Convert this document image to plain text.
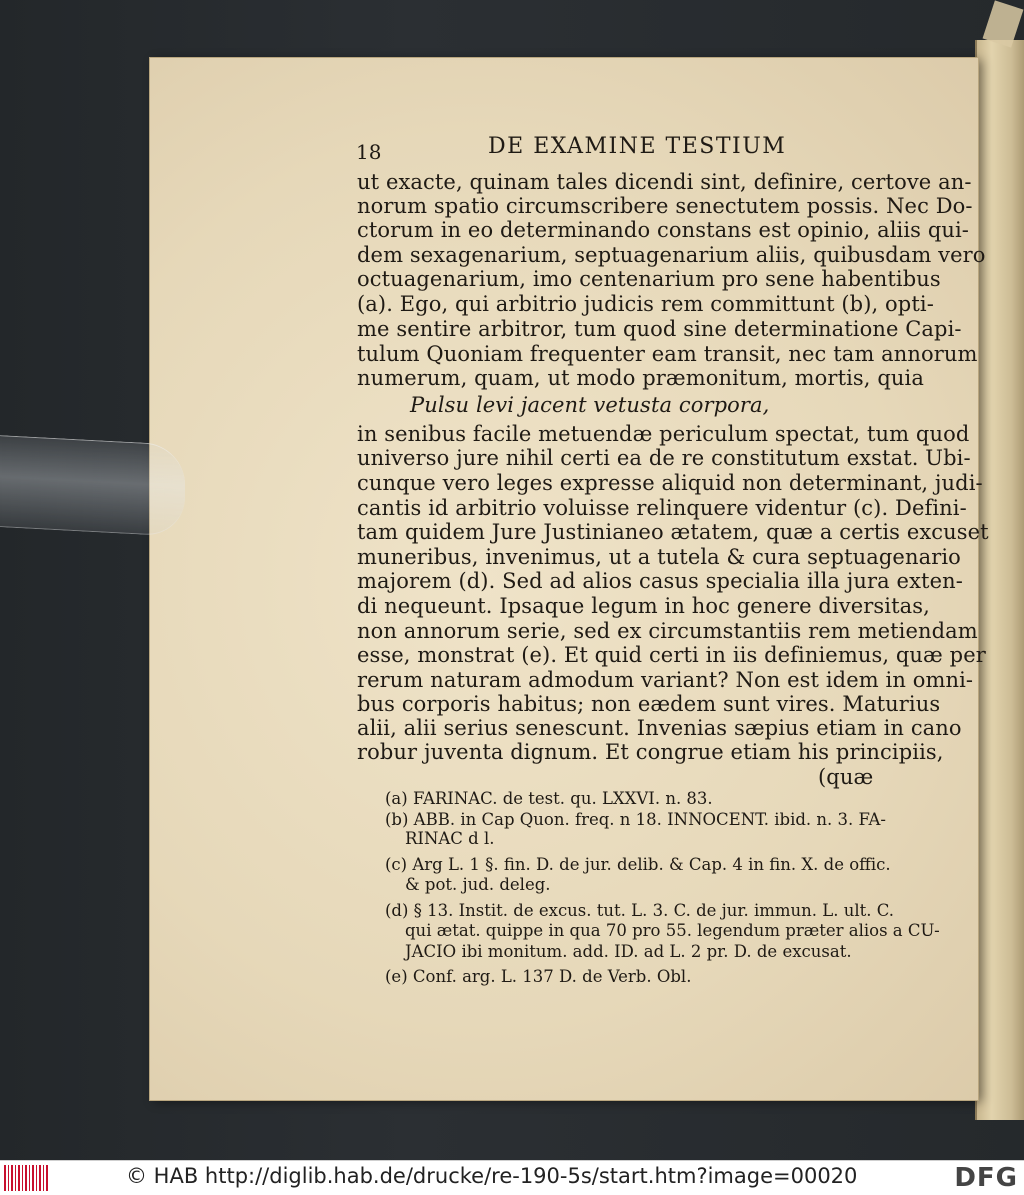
18	DE EXAMINE TESTIUM
ut exacte, quinam tales dicendi sint, definire, certove an-
norum spatio circumscribere senectutem possis. Nec Do-
ctorum in eo determinando constans est opinio, aliis qui-
dem sexagenarium, septuagenarium aliis, quibusdam vero
octuagenarium, imo centenarium pro sene habentibus
(a). Ego, qui arbitrio judicis rem committunt (b), opti-
me sentire arbitror, tum quod sine determinatione Capi-
tulum Quoniam frequenter eam transit, nec tam annorum
numerum, quam, ut modo præmonitum, mortis, quia
Pulsu levi jacent vetusta corpora,
in senibus facile metuendæ periculum spectat, tum quod
universo jure nihil certi ea de re constitutum exstat. Ubi-
cunque vero leges expresse aliquid non determinant, judi-
cantis id arbitrio voluisse relinquere videntur (c). Defini-
tam quidem Jure Justinianeo ætatem, quæ a certis excuset
muneribus, invenimus, ut a tutela & cura septuagenario
majorem (d). Sed ad alios casus specialia illa jura exten-
di nequeunt. Ipsaque legum in hoc genere diversitas,
non annorum serie, sed ex circumstantiis rem metiendam
esse, monstrat (e). Et quid certi in iis definiemus, quæ per
rerum naturam admodum variant? Non est idem in omni-
bus corporis habitus; non eædem sunt vires. Maturius
alii, alii serius senescunt. Invenias sæpius etiam in cano
robur juventa dignum. Et congrue etiam his principiis,
(quæ
(a) FARINAC. de test. qu. LXXVI. n. 83.
(b) ABB. in Cap Quon. freq. n 18. INNOCENT. ibid. n. 3. FA-
RINAC d l.
(c) Arg L. 1 §. fin. D. de jur. delib. & Cap. 4 in fin. X. de offic.
& pot. jud. deleg.
(d) § 13. Instit. de excus. tut. L. 3. C. de jur. immun. L. ult. C.
qui ætat. quippe in qua 70 pro 55. legendum præter alios a CU-
JACIO ibi monitum. add. ID. ad L. 2 pr. D. de excusat.
(e) Conf. arg. L. 137 D. de Verb. Obl.
© HAB http://diglib.hab.de/drucke/re-190-5s/start.htm?image=00020	DFG
